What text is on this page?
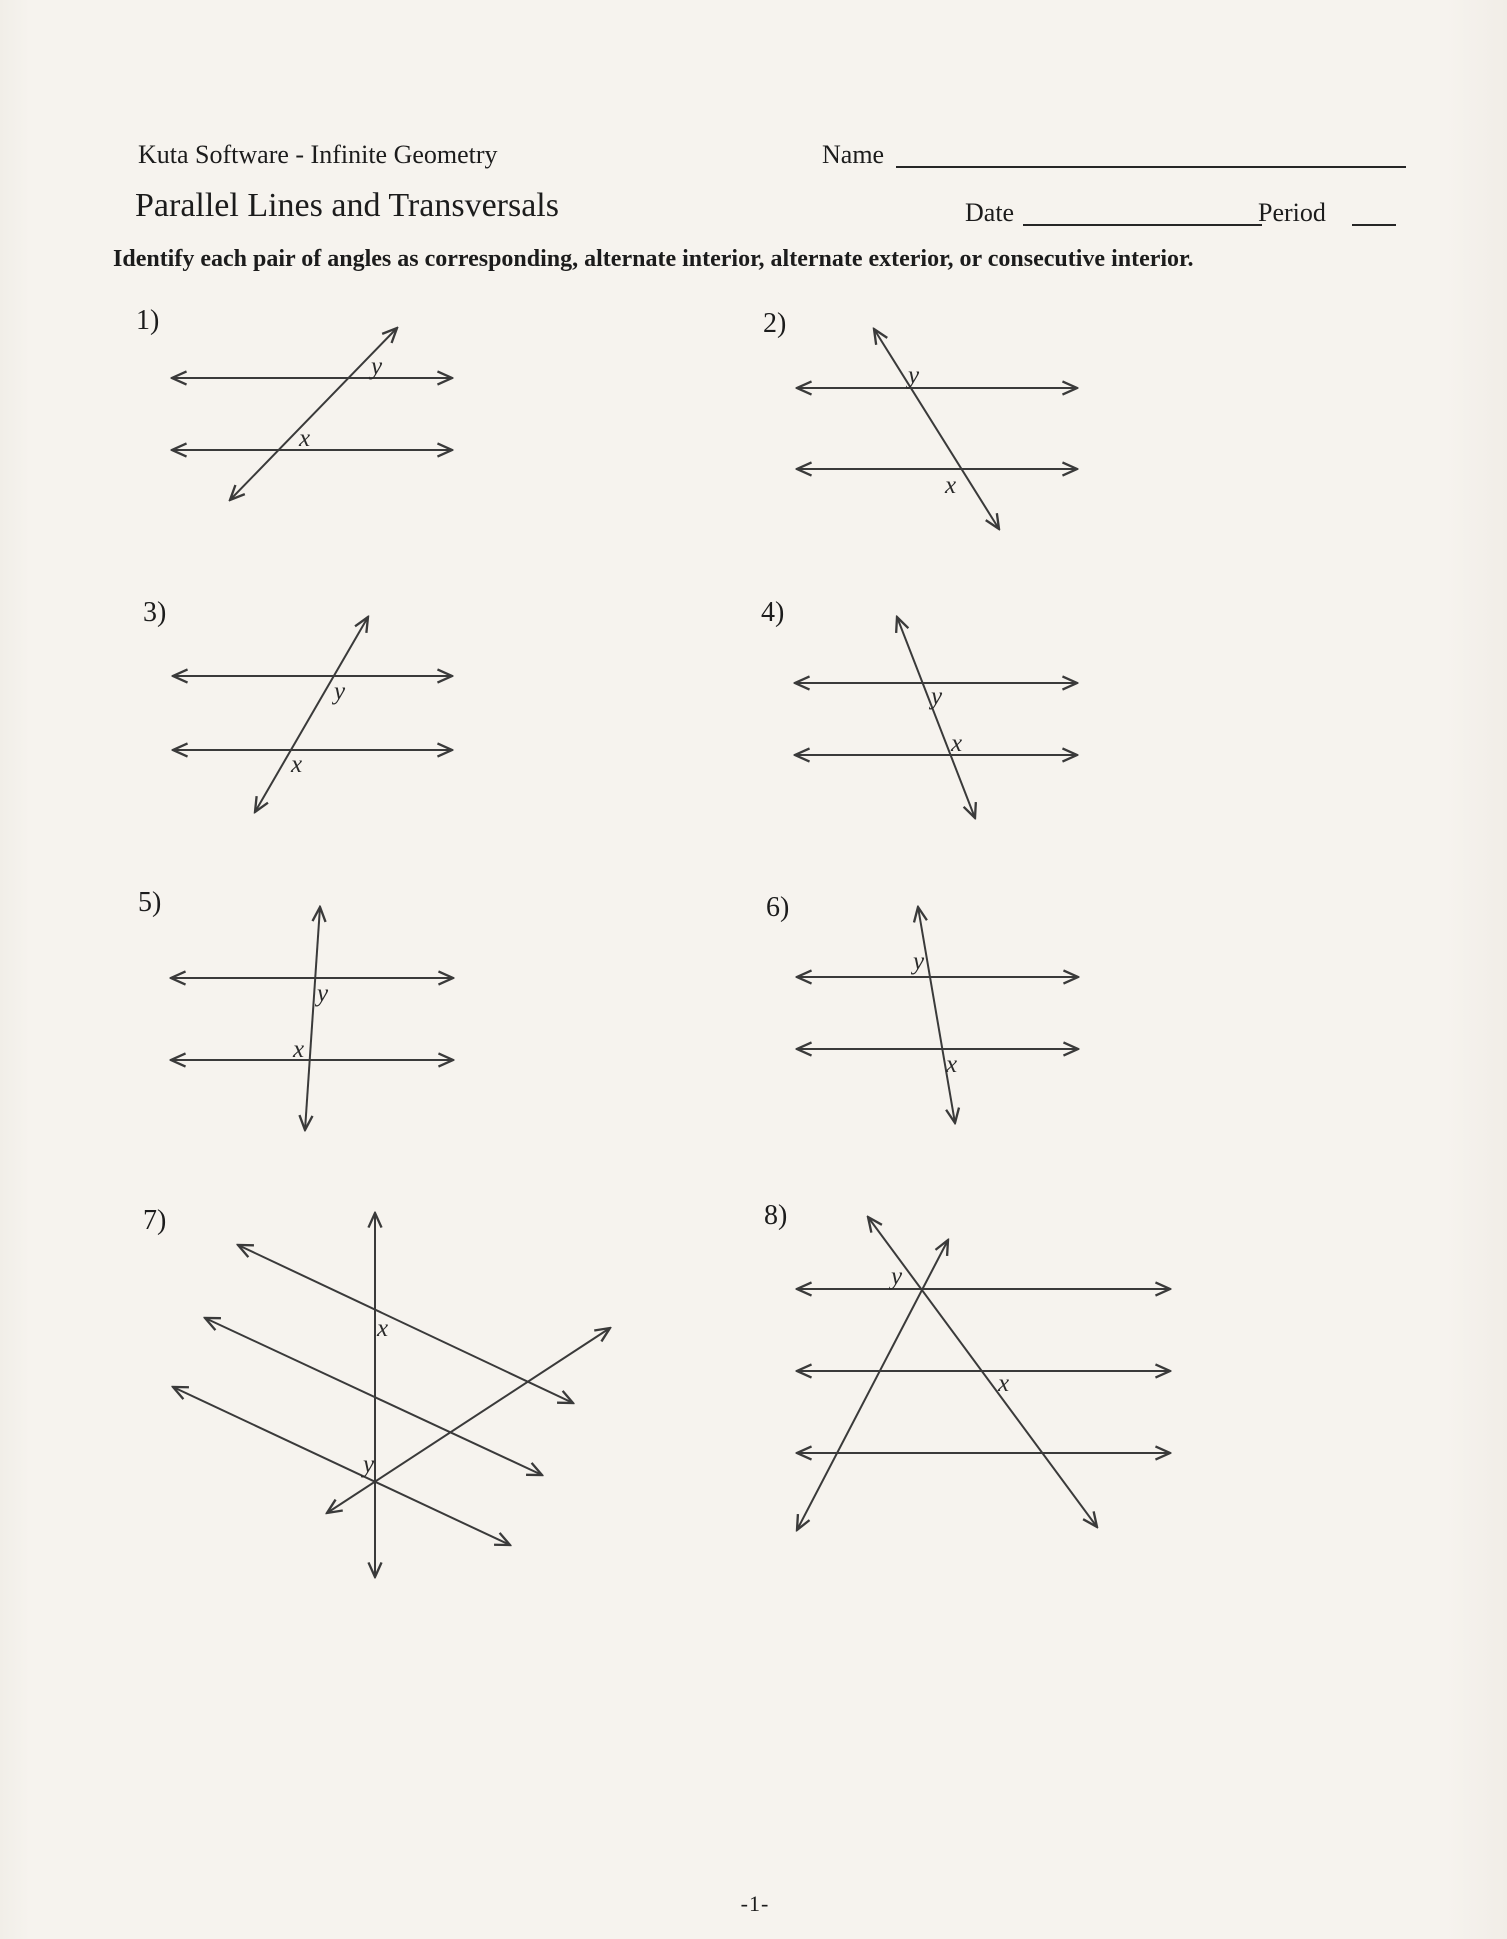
Kuta Software - Infinite Geometry	Name
Parallel Lines and Transversals	Date	Period
Identify each pair of angles as corresponding, alternate interior, alternate exterior, or consecutive interior.
1)
y
x
2)
y
x
3)
y
x
4)
y
x
5)
y
x
6)
y
x
7)
x
y
8)
y
x
-1-
